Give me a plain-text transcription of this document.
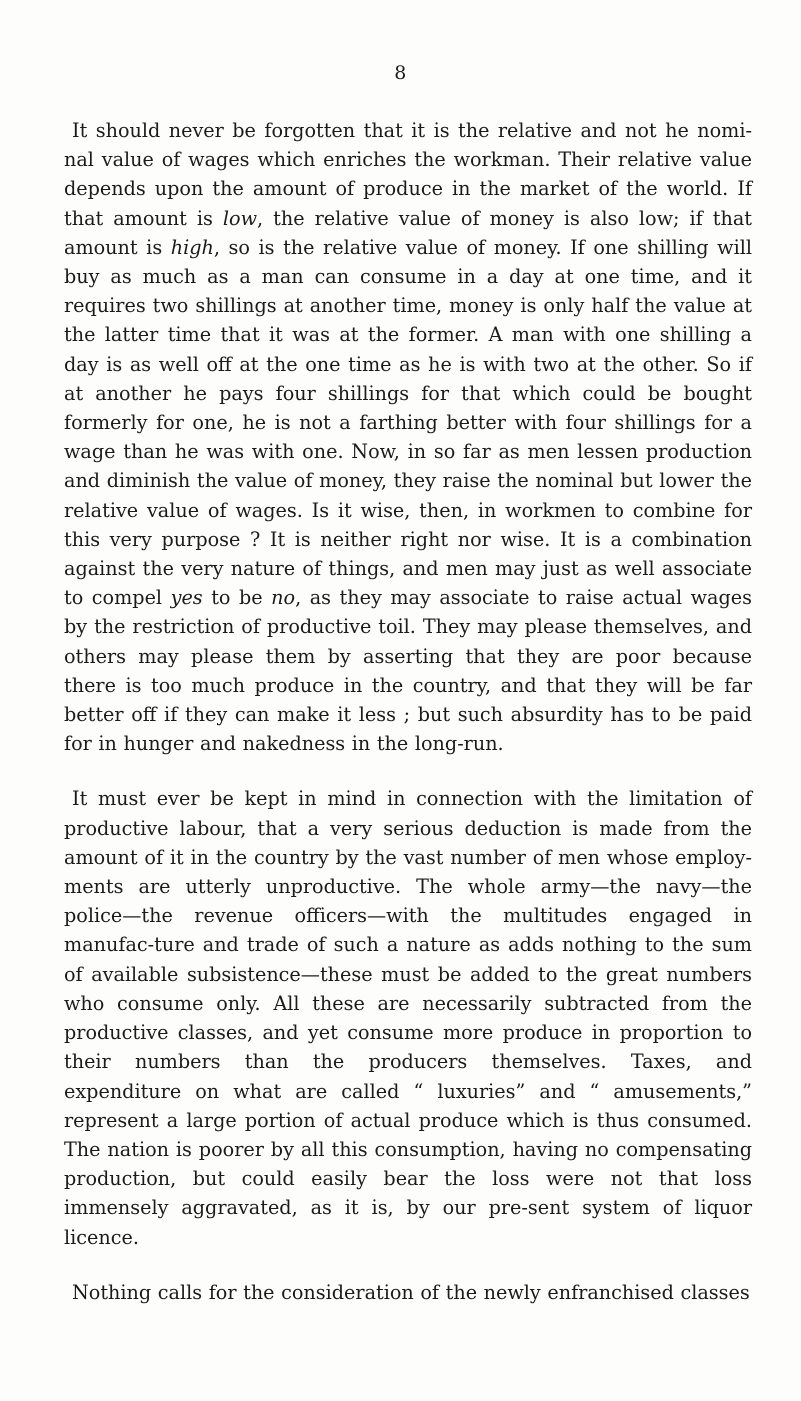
8

It should never be forgotten that it is the relative and not he nomi-nal value of wages which enriches the workman. Their relative value depends upon the amount of produce in the market of the world. If that amount is low, the relative value of money is also low; if that amount is high, so is the relative value of money. If one shilling will buy as much as a man can consume in a day at one time, and it requires two shillings at another time, money is only half the value at the latter time that it was at the former. A man with one shilling a day is as well off at the one time as he is with two at the other. So if at another he pays four shillings for that which could be bought formerly for one, he is not a farthing better with four shillings for a wage than he was with one. Now, in so far as men lessen production and diminish the value of money, they raise the nominal but lower the relative value of wages. Is it wise, then, in workmen to combine for this very purpose ? It is neither right nor wise. It is a combination against the very nature of things, and men may just as well associate to compel yes to be no, as they may associate to raise actual wages by the restriction of productive toil. They may please themselves, and others may please them by asserting that they are poor because there is too much produce in the country, and that they will be far better off if they can make it less ; but such absurdity has to be paid for in hunger and nakedness in the long-run.

It must ever be kept in mind in connection with the limitation of productive labour, that a very serious deduction is made from the amount of it in the country by the vast number of men whose employ-ments are utterly unproductive. The whole army—the navy—the police—the revenue officers—with the multitudes engaged in manufac-ture and trade of such a nature as adds nothing to the sum of available subsistence—these must be added to the great numbers who consume only. All these are necessarily subtracted from the productive classes, and yet consume more produce in proportion to their numbers than the producers themselves. Taxes, and expenditure on what are called “ luxuries” and “ amusements,” represent a large portion of actual produce which is thus consumed. The nation is poorer by all this consumption, having no compensating production, but could easily bear the loss were not that loss immensely aggravated, as it is, by our pre-sent system of liquor licence.

Nothing calls for the consideration of the newly enfranchised classes
